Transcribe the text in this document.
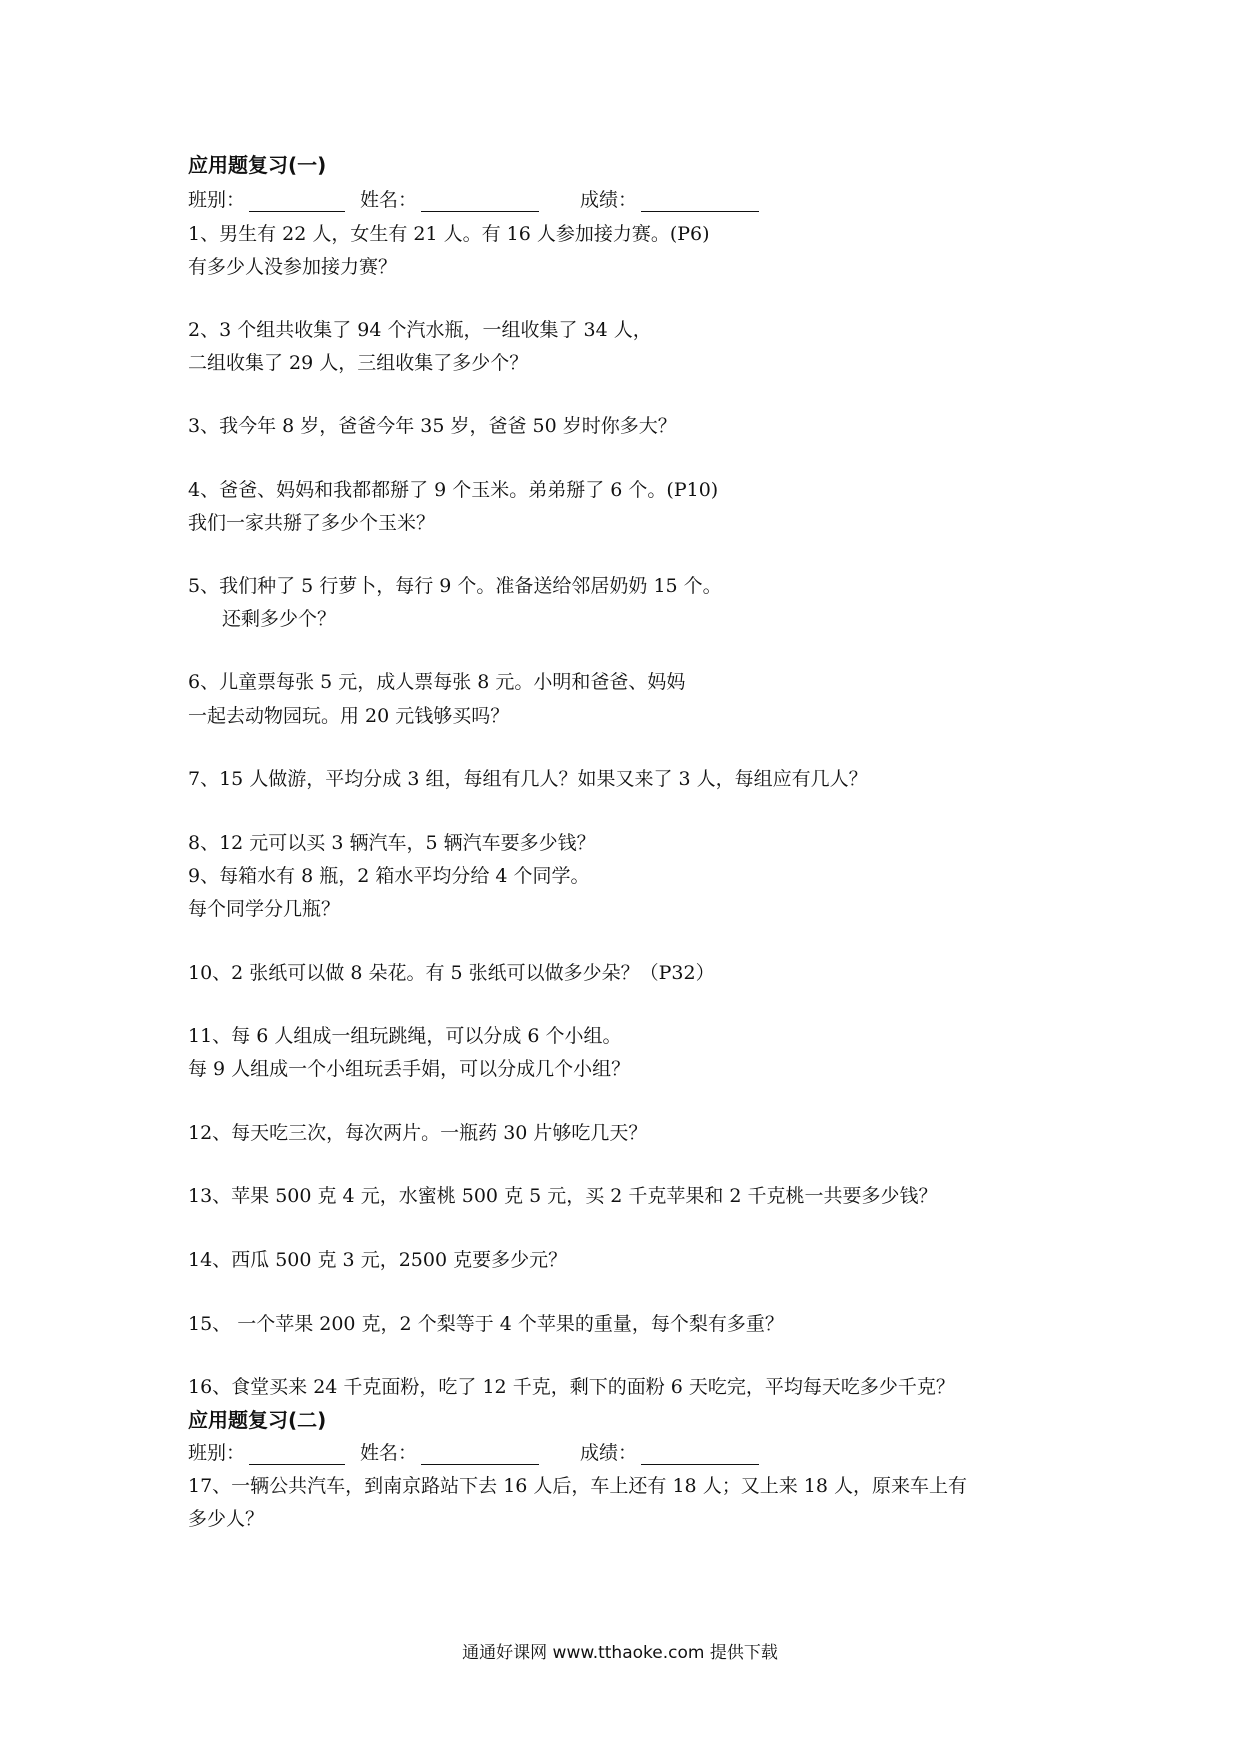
应用题复习(一)
班别：	姓名：	成绩：
1、男生有 22 人，女生有 21 人。有 16 人参加接力赛。(P6)
有多少人没参加接力赛？
2、3 个组共收集了 94 个汽水瓶，一组收集了 34 人，
二组收集了 29 人，三组收集了多少个？
3、我今年 8 岁，爸爸今年 35 岁，爸爸 50 岁时你多大？
4、爸爸、妈妈和我都都掰了 9 个玉米。弟弟掰了 6 个。(P10)
我们一家共掰了多少个玉米？
5、我们种了 5 行萝卜，每行 9 个。准备送给邻居奶奶 15 个。
还剩多少个？
6、儿童票每张 5 元，成人票每张 8 元。小明和爸爸、妈妈
一起去动物园玩。用 20 元钱够买吗？
7、15 人做游，平均分成 3 组，每组有几人？如果又来了 3 人，每组应有几人？
8、12 元可以买 3 辆汽车，5 辆汽车要多少钱？
9、每箱水有 8 瓶，2 箱水平均分给 4 个同学。
每个同学分几瓶？
10、2 张纸可以做 8 朵花。有 5 张纸可以做多少朵？（P32）
11、每 6 人组成一组玩跳绳，可以分成 6 个小组。
每 9 人组成一个小组玩丢手娟，可以分成几个小组？
12、每天吃三次，每次两片。一瓶药 30 片够吃几天？
13、苹果 500 克 4 元，水蜜桃 500 克 5 元，买 2 千克苹果和 2 千克桃一共要多少钱？
14、西瓜 500 克 3 元，2500 克要多少元？
15、 一个苹果 200 克，2 个梨等于 4 个苹果的重量，每个梨有多重？
16、食堂买来 24 千克面粉，吃了 12 千克，剩下的面粉 6 天吃完，平均每天吃多少千克？
应用题复习(二)
班别：	姓名：	成绩：
17、一辆公共汽车，到南京路站下去 16 人后，车上还有 18 人；又上来 18 人，原来车上有
多少人？
通通好课网 www.tthaoke.com 提供下载
